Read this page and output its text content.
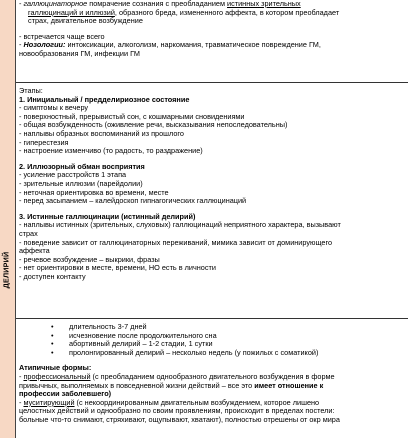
ДЕЛИРИЙ
- галлюцинаторное помрачение сознания с преобладанием истинных зрительных
галлюцинаций и иллюзий, образного бреда, измененного аффекта, в котором преобладает
страх, двигательное возбуждение
- встречается чаще всего
- Нозологии: интоксикации, алкоголизм, наркомания, травматическое повреждение ГМ,
новообразования ГМ, инфекции ГМ
Этапы:
1. Инициальный / преддeлириозное состояние
- симптомы к вечеру
- поверхностный, прерывистый сон, с кошмарными сновидениями
- общая возбужденность (оживление речи, высказывания непоследовательны)
- наплывы образных воспоминаний из прошлого
- гиперестезия
- настроение изменчиво (то радость, то раздражение)
2. Иллюзорный обман восприятия
- усиление расстройств 1 этапа
- зрительные иллюзии (парейдолии)
- неточная ориентировка во времени, месте
- перед засыпанием – калейдоскоп гипнагогических галлюцинаций
3. Истинные галлюцинации (истинный делирий)
- наплывы истинных (зрительных, слуховых) галлюцинаций неприятного характера, вызывают
страх
- поведение зависит от галлюцинаторных переживаний, мимика зависит от доминирующего
аффекта
- речевое возбуждение – выкрики, фразы
- нет ориентировки в месте, времени, НО есть в личности
- доступен контакту
• длительность 3-7 дней
• исчезновение после продолжительного сна
• абортивный делирий – 1-2 стадии, 1 сутки
• пролонгированный делирий – несколько недель (у пожилых с соматикой)
Атипичные формы:
- профессиональный (с преобладанием однообразного двигательного возбуждения в форме
привычных, выполняемых в повседневной жизни действий – все это имеет отношение к
профессии заболевшего)
- муситирующий (с некоординированным двигательным возбуждением, которое лишено
целостных действий и однообразно по своим проявлениям, происходит в пределах постели:
больные что-то снимают, стряхивают, ощупывают, хватают), полностью отрешены от окр мира
